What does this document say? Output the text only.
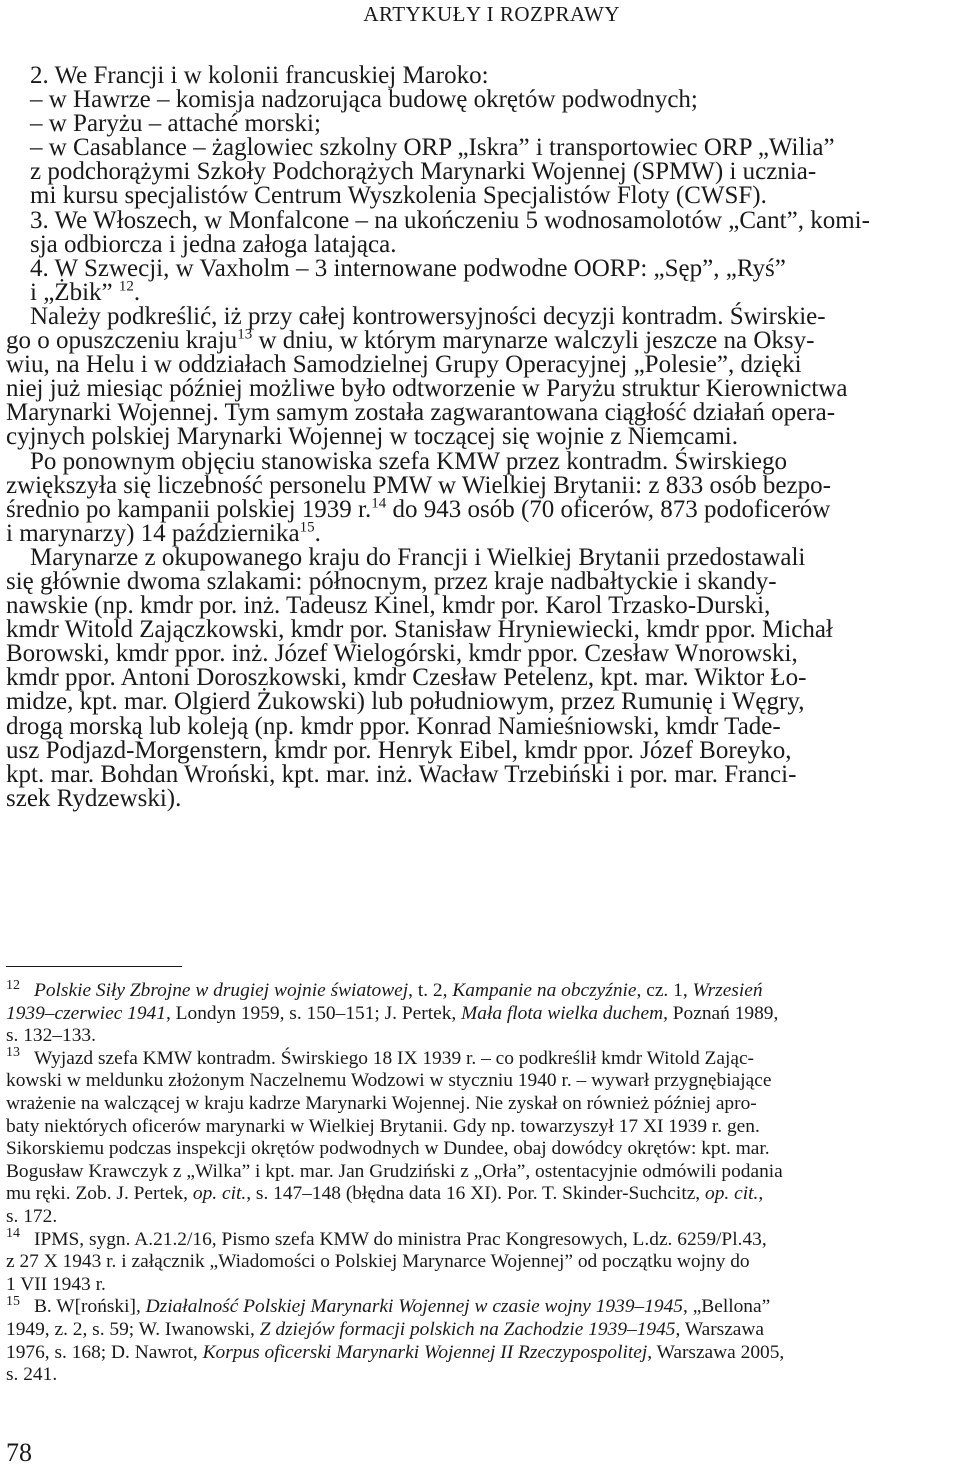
ARTYKUŁY I ROZPRAWY
2. We Francji i w kolonii francuskiej Maroko:
– w Hawrze – komisja nadzorująca budowę okrętów podwodnych;
– w Paryżu – attaché morski;
– w Casablance – żaglowiec szkolny ORP „Iskra” i transportowiec ORP „Wilia”
z podchorążymi Szkoły Podchorążych Marynarki Wojennej (SPMW) i ucznia-
mi kursu specjalistów Centrum Wyszkolenia Specjalistów Floty (CWSF).
3. We Włoszech, w Monfalcone – na ukończeniu 5 wodnosamolotów „Cant”, komi-
sja odbiorcza i jedna załoga latająca.
4. W Szwecji, w Vaxholm – 3 internowane podwodne OORP: „Sęp”, „Ryś”
i „Żbik” $^{12}$.
Należy podkreślić, iż przy całej kontrowersyjności decyzji kontradm. Świrskie-
go o opuszczeniu kraju$^{13}$ w dniu, w którym marynarze walczyli jeszcze na Oksy-
wiu, na Helu i w oddziałach Samodzielnej Grupy Operacyjnej „Polesie”, dzięki
niej już miesiąc później możliwe było odtworzenie w Paryżu struktur Kierownictwa
Marynarki Wojennej. Tym samym została zagwarantowana ciągłość działań opera-
cyjnych polskiej Marynarki Wojennej w toczącej się wojnie z Niemcami.
Po ponownym objęciu stanowiska szefa KMW przez kontradm. Świrskiego
zwiększyła się liczebność personelu PMW w Wielkiej Brytanii: z 833 osób bezpo-
średnio po kampanii polskiej 1939 r.$^{14}$ do 943 osób (70 oficerów, 873 podoficerów
i marynarzy) 14 października$^{15}$.
Marynarze z okupowanego kraju do Francji i Wielkiej Brytanii przedostawali
się głównie dwoma szlakami: północnym, przez kraje nadbałtyckie i skandy-
nawskie (np. kmdr por. inż. Tadeusz Kinel, kmdr por. Karol Trzasko-Durski,
kmdr Witold Zajączkowski, kmdr por. Stanisław Hryniewiecki, kmdr ppor. Michał
Borowski, kmdr ppor. inż. Józef Wielogórski, kmdr ppor. Czesław Wnorowski,
kmdr ppor. Antoni Doroszkowski, kmdr Czesław Petelenz, kpt. mar. Wiktor Ło-
midze, kpt. mar. Olgierd Żukowski) lub południowym, przez Rumunię i Węgry,
drogą morską lub koleją (np. kmdr ppor. Konrad Namieśniowski, kmdr Tade-
usz Podjazd-Morgenstern, kmdr por. Henryk Eibel, kmdr ppor. Józef Boreyko,
kpt. mar. Bohdan Wroński, kpt. mar. inż. Wacław Trzebiński i por. mar. Franci-
szek Rydzewski).
$^{12}$ Polskie Siły Zbrojne w drugiej wojnie światowej, t. 2, Kampanie na obczyźnie, cz. 1, Wrzesień
1939–czerwiec 1941, Londyn 1959, s. 150–151; J. Pertek, Mała flota wielka duchem, Poznań 1989,
s. 132–133.
$^{13}$ Wyjazd szefa KMW kontradm. Świrskiego 18 IX 1939 r. – co podkreślił kmdr Witold Zając-
kowski w meldunku złożonym Naczelnemu Wodzowi w styczniu 1940 r. – wywarł przygnębiające
wrażenie na walczącej w kraju kadrze Marynarki Wojennej. Nie zyskał on również później apro-
baty niektórych oficerów marynarki w Wielkiej Brytanii. Gdy np. towarzyszył 17 XI 1939 r. gen.
Sikorskiemu podczas inspekcji okrętów podwodnych w Dundee, obaj dowódcy okrętów: kpt. mar.
Bogusław Krawczyk z „Wilka” i kpt. mar. Jan Grudziński z „Orła”, ostentacyjnie odmówili podania
mu ręki. Zob. J. Pertek, op. cit., s. 147–148 (błędna data 16 XI). Por. T. Skinder-Suchcitz, op. cit.,
s. 172.
$^{14}$ IPMS, sygn. A.21.2/16, Pismo szefa KMW do ministra Prac Kongresowych, L.dz. 6259/Pl.43,
z 27 X 1943 r. i załącznik „Wiadomości o Polskiej Marynarce Wojennej” od początku wojny do
1 VII 1943 r.
$^{15}$ B. W[roński], Działalność Polskiej Marynarki Wojennej w czasie wojny 1939–1945, „Bellona”
1949, z. 2, s. 59; W. Iwanowski, Z dziejów formacji polskich na Zachodzie 1939–1945, Warszawa
1976, s. 168; D. Nawrot, Korpus oficerski Marynarki Wojennej II Rzeczypospolitej, Warszawa 2005,
s. 241.
78
